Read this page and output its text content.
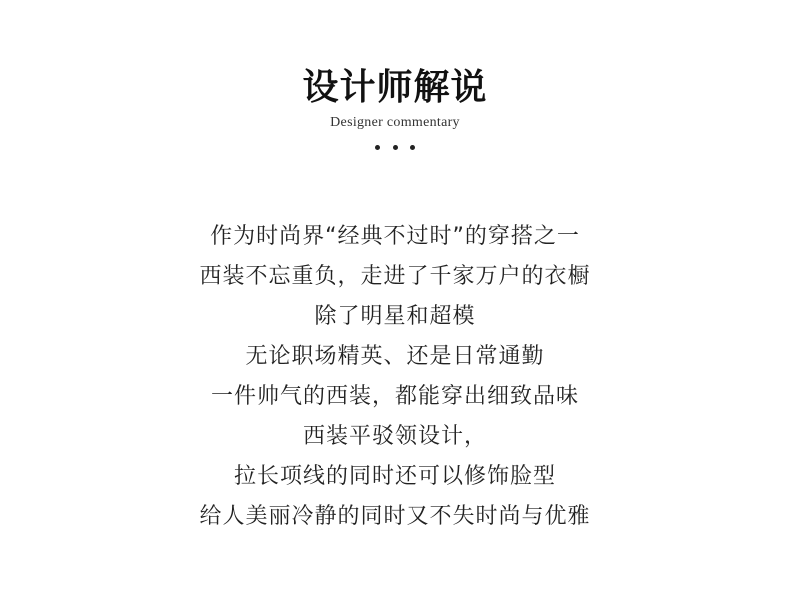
设计师解说
Designer commentary
作为时尚界“经典不过时”的穿搭之一
西装不忘重负，走进了千家万户的衣橱
除了明星和超模
无论职场精英、还是日常通勤
一件帅气的西装，都能穿出细致品味
西装平驳领设计，
拉长项线的同时还可以修饰脸型
给人美丽冷静的同时又不失时尚与优雅
